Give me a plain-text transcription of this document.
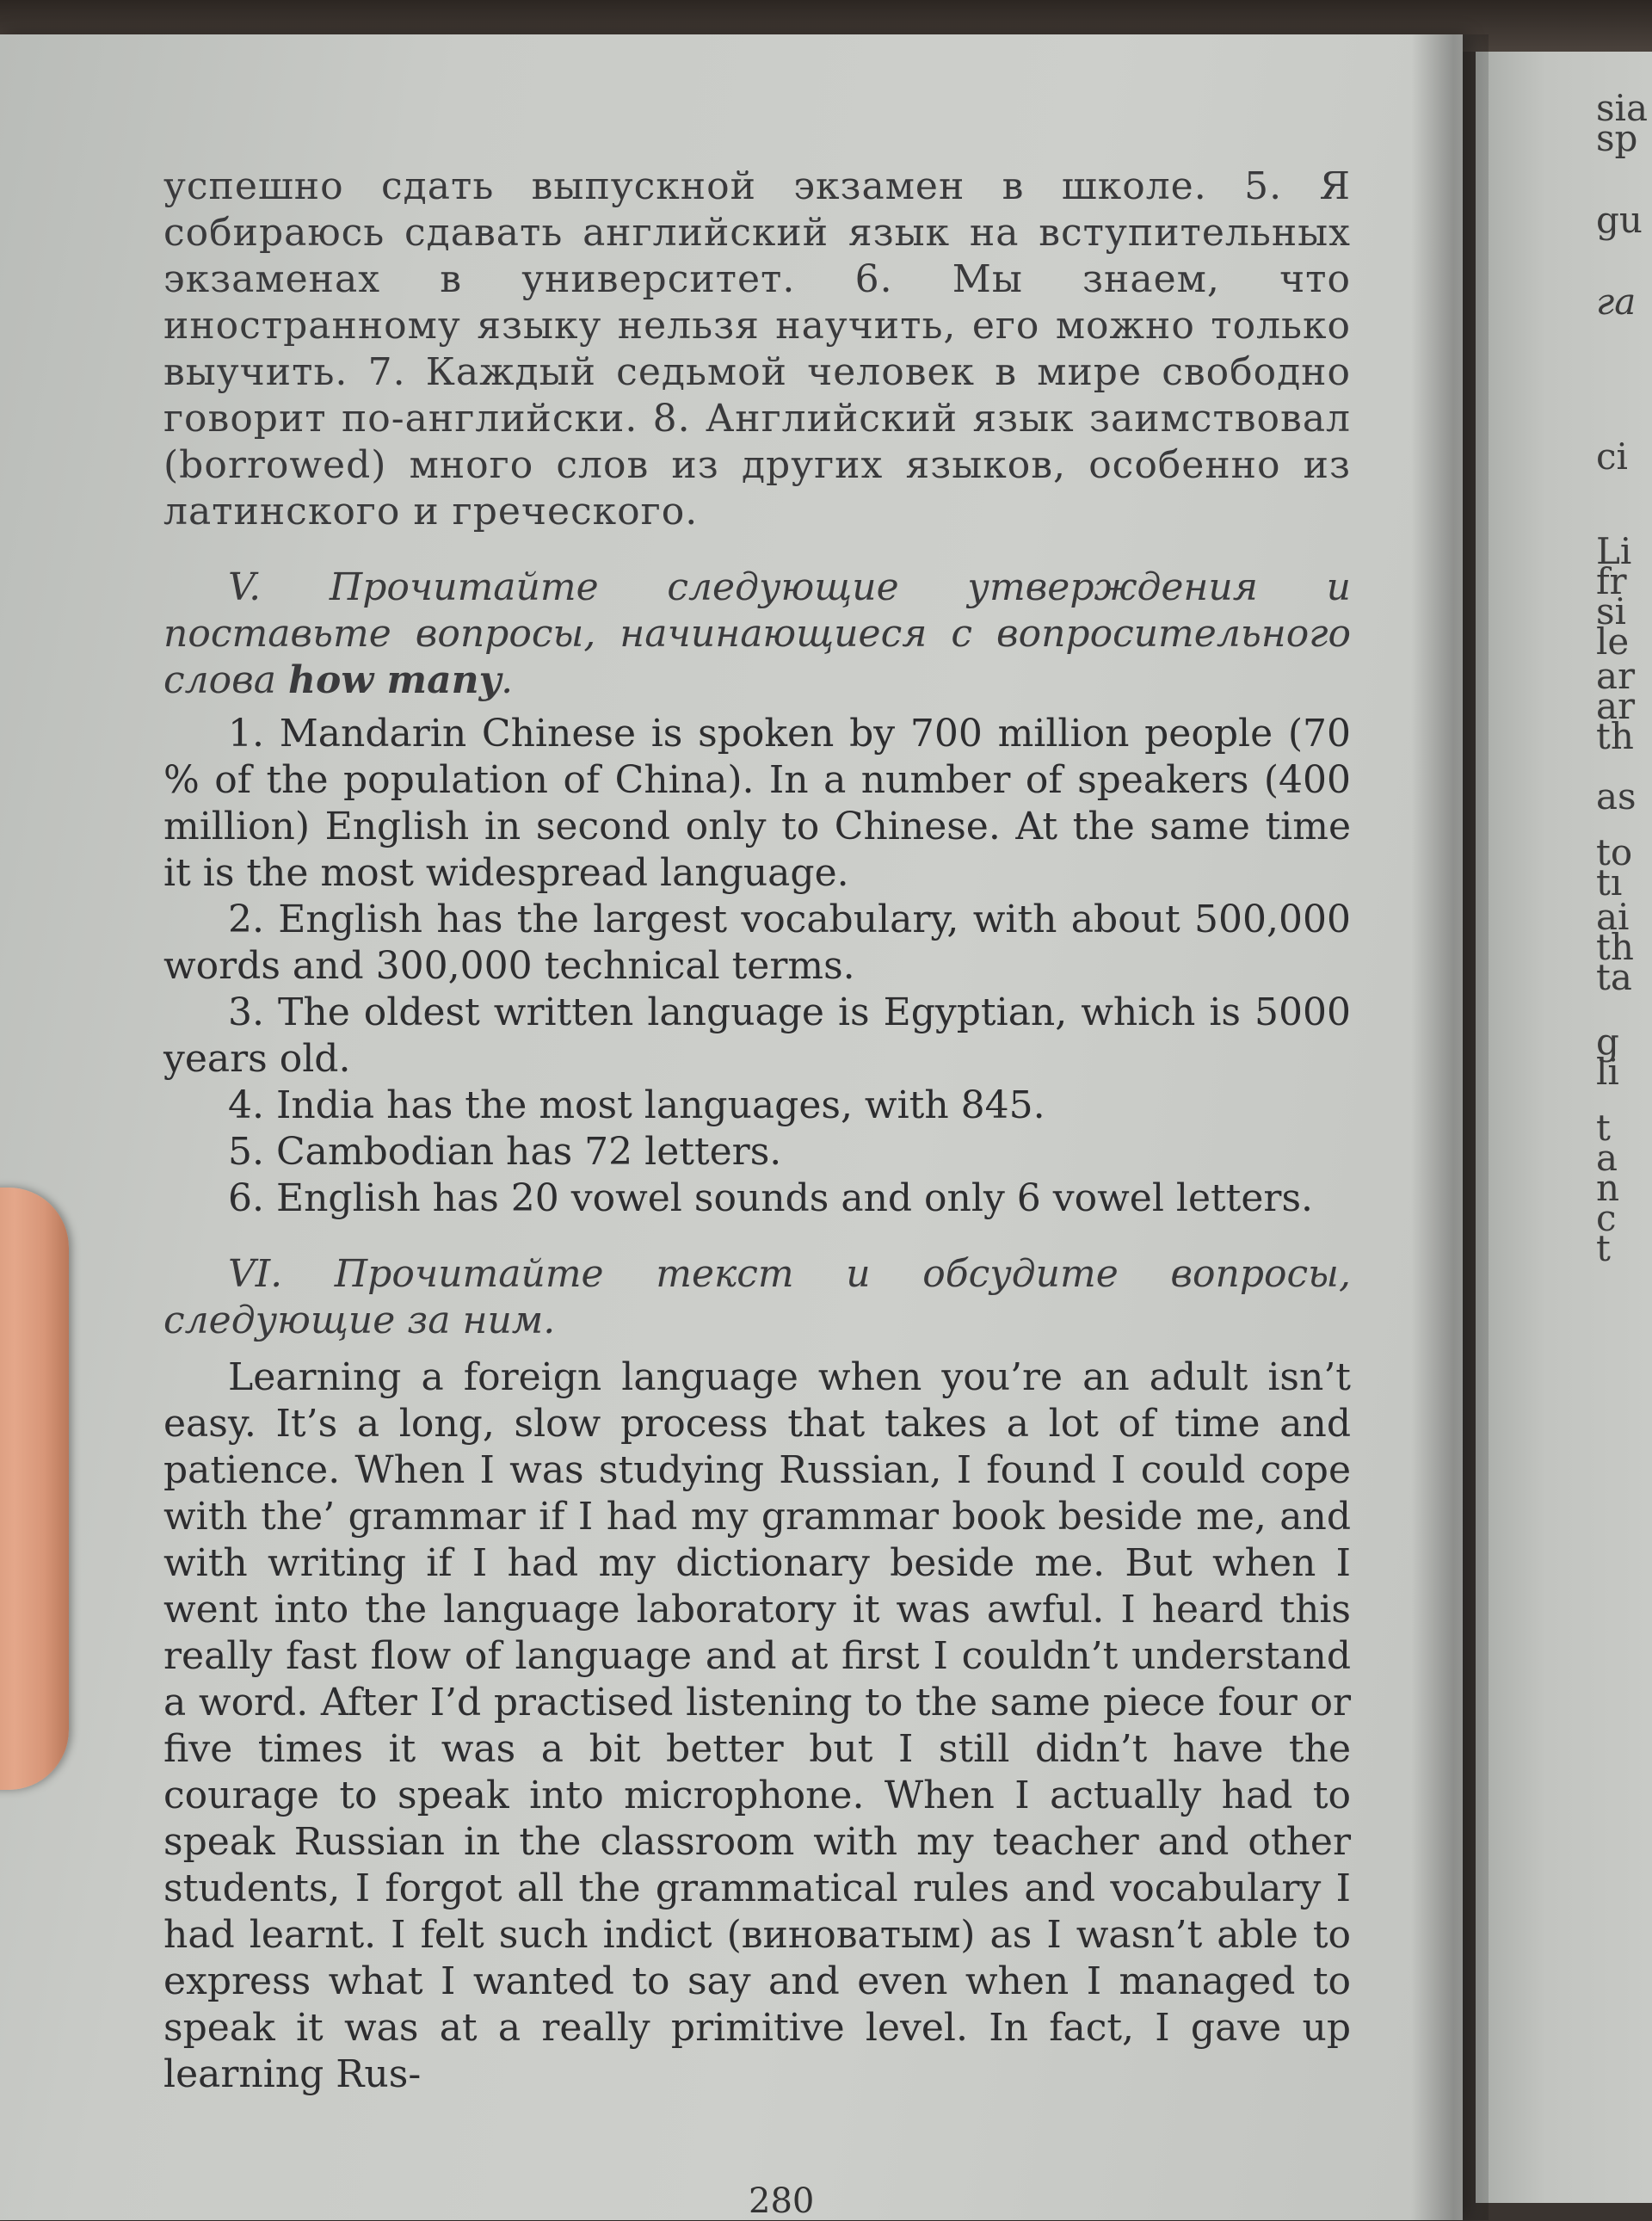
sia
sp
gu
га
ci
Li
fr
si
le
ar
ar
th
as
to
tı
ai
th
ta
g
li
t
a
n
c
t

успешно сдать выпускной экзамен в школе. 5. Я собираюсь сдавать английский язык на вступительных экзаменах в университет. 6. Мы знаем, что иностранному языку нельзя научить, его можно только выучить. 7. Каждый седьмой человек в мире свободно говорит по-английски. 8. Английский язык заимствовал (borrowed) много слов из других языков, особенно из латинского и греческого.

V. Прочитайте следующие утверждения и поставьте вопросы, начинающиеся с вопросительного слова how many.

1. Mandarin Chinese is spoken by 700 million people (70 % of the population of China). In a number of speakers (400 million) English in second only to Chinese. At the same time it is the most widespread language.

2. English has the largest vocabulary, with about 500,000 words and 300,000 technical terms.

3. The oldest written language is Egyptian, which is 5000 years old.

4. India has the most languages, with 845.

5. Cambodian has 72 letters.

6. English has 20 vowel sounds and only 6 vowel letters.

VI. Прочитайте текст и обсудите вопросы, следующие за ним.

Learning a foreign language when you’re an adult isn’t easy. It’s a long, slow process that takes a lot of time and patience. When I was studying Russian, I found I could cope with the’ grammar if I had my grammar book beside me, and with writing if I had my dictionary beside me. But when I went into the language laboratory it was awful. I heard this really fast flow of language and at first I couldn’t understand a word. After I’d practised listening to the same piece four or five times it was a bit better but I still didn’t have the courage to speak into microphone. When I actually had to speak Russian in the classroom with my teacher and other students, I forgot all the grammatical rules and vocabulary I had learnt. I felt such indict (виноватым) as I wasn’t able to express what I wanted to say and even when I managed to speak it was at a really primitive level. In fact, I gave up learning Rus-

280
